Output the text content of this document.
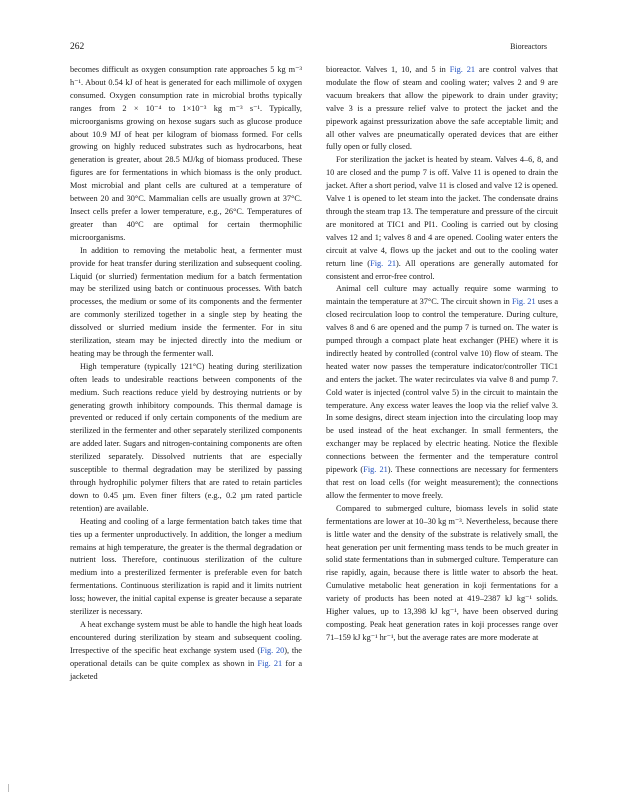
262	Bioreactors

becomes difficult as oxygen consumption rate approaches 5 kg m⁻³ h⁻¹. About 0.54 kJ of heat is generated for each millimole of oxygen consumed. Oxygen consumption rate in microbial broths typically ranges from 2 × 10⁻⁴ to 1×10⁻³ kg m⁻³ s⁻¹. Typically, microorganisms growing on hexose sugars such as glucose produce about 10.9 MJ of heat per kilogram of biomass formed. For cells growing on highly reduced substrates such as hydrocarbons, heat generation is greater, about 28.5 MJ/kg of biomass produced. These figures are for fermentations in which biomass is the only product. Most microbial and plant cells are cultured at a temperature of between 20 and 30°C. Mammalian cells are usually grown at 37°C. Insect cells prefer a lower temperature, e.g., 26°C. Temperatures of greater than 40°C are optimal for certain thermophilic microorganisms.

In addition to removing the metabolic heat, a fermenter must provide for heat transfer during sterilization and subsequent cooling. Liquid (or slurried) fermentation medium for a batch fermentation may be sterilized using batch or continuous processes. With batch processes, the medium or some of its components and the fermenter are commonly sterilized together in a single step by heating the dissolved or slurried medium inside the fermenter. For in situ sterilization, steam may be injected directly into the medium or heating may be through the fermenter wall.

High temperature (typically 121°C) heating during sterilization often leads to undesirable reactions between components of the medium. Such reactions reduce yield by destroying nutrients or by generating growth inhibitory compounds. This thermal damage is prevented or reduced if only certain components of the medium are sterilized in the fermenter and other separately sterilized components are added later. Sugars and nitrogen-containing components are often sterilized separately. Dissolved nutrients that are especially susceptible to thermal degradation may be sterilized by passing through hydrophilic polymer filters that are rated to retain particles down to 0.45 µm. Even finer filters (e.g., 0.2 µm rated particle retention) are available.

Heating and cooling of a large fermentation batch takes time that ties up a fermenter unproductively. In addition, the longer a medium remains at high temperature, the greater is the thermal degradation or nutrient loss. Therefore, continuous sterilization of the culture medium into a presterilized fermenter is preferable even for batch fermentations. Continuous sterilization is rapid and it limits nutrient loss; however, the initial capital expense is greater because a separate sterilizer is necessary.

A heat exchange system must be able to handle the high heat loads encountered during sterilization by steam and subsequent cooling. Irrespective of the specific heat exchange system used (Fig. 20), the operational details can be quite complex as shown in Fig. 21 for a jacketed

bioreactor. Valves 1, 10, and 5 in Fig. 21 are control valves that modulate the flow of steam and cooling water; valves 2 and 9 are vacuum breakers that allow the pipework to drain under gravity; valve 3 is a pressure relief valve to protect the jacket and the pipework against pressurization above the safe acceptable limit; and all other valves are pneumatically operated devices that are either fully open or fully closed.

For sterilization the jacket is heated by steam. Valves 4–6, 8, and 10 are closed and the pump 7 is off. Valve 11 is opened to drain the jacket. After a short period, valve 11 is closed and valve 12 is opened. Valve 1 is opened to let steam into the jacket. The condensate drains through the steam trap 13. The temperature and pressure of the circuit are monitored at TIC1 and PI1. Cooling is carried out by closing valves 12 and 1; valves 8 and 4 are opened. Cooling water enters the circuit at valve 4, flows up the jacket and out to the cooling water return line (Fig. 21). All operations are generally automated for consistent and error-free control.

Animal cell culture may actually require some warming to maintain the temperature at 37°C. The circuit shown in Fig. 21 uses a closed recirculation loop to control the temperature. During culture, valves 8 and 6 are opened and the pump 7 is turned on. The water is pumped through a compact plate heat exchanger (PHE) where it is indirectly heated by controlled (control valve 10) flow of steam. The heated water now passes the temperature indicator/controller TIC1 and enters the jacket. The water recirculates via valve 8 and pump 7. Cold water is injected (control valve 5) in the circuit to maintain the temperature. Any excess water leaves the loop via the relief valve 3. In some designs, direct steam injection into the circulating loop may be used instead of the heat exchanger. In small fermenters, the exchanger may be replaced by electric heating. Notice the flexible connections between the fermenter and the temperature control pipework (Fig. 21). These connections are necessary for fermenters that rest on load cells (for weight measurement); the connections allow the fermenter to move freely.

Compared to submerged culture, biomass levels in solid state fermentations are lower at 10–30 kg m⁻³. Nevertheless, because there is little water and the density of the substrate is relatively small, the heat generation per unit fermenting mass tends to be much greater in solid state fermentations than in submerged culture. Temperature can rise rapidly, again, because there is little water to absorb the heat. Cumulative metabolic heat generation in koji fermentations for a variety of products has been noted at 419–2387 kJ kg⁻¹ solids. Higher values, up to 13,398 kJ kg⁻¹, have been observed during composting. Peak heat generation rates in koji processes range over 71–159 kJ kg⁻¹ hr⁻¹, but the average rates are more moderate at
